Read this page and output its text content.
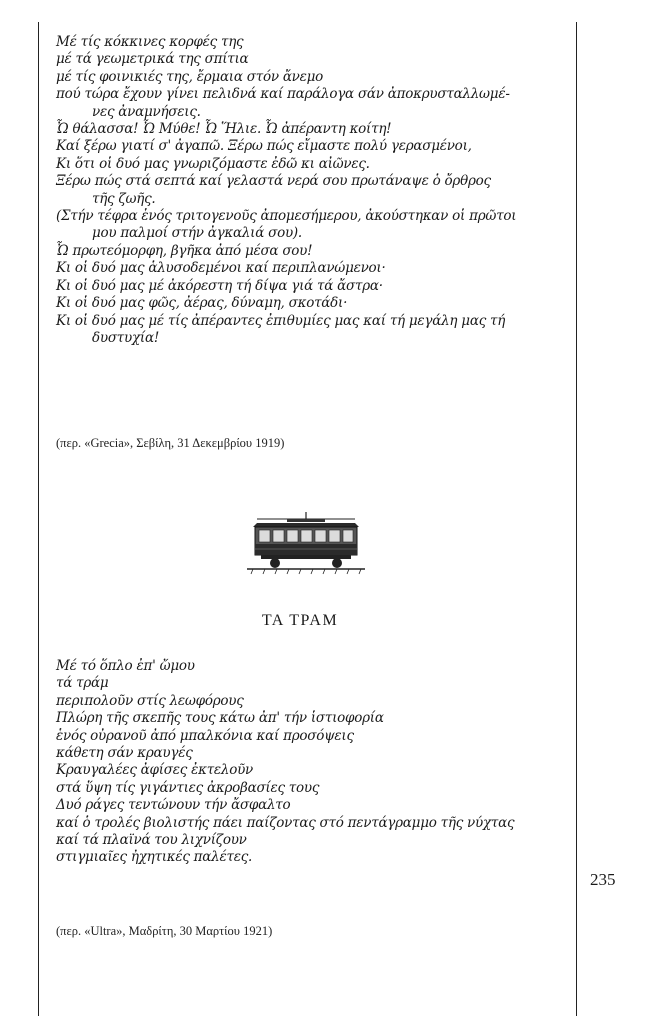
Μέ τίς κόκκινες κορφές της
μέ τά γεωμετρικά της σπίτια
μέ τίς φοινικιές της, ἔρμαια στόν ἄνεμο
πού τώρα ἔχουν γίνει πελιδνά καί παράλογα σάν ἀποκρυσταλλωμέ-
νες ἀναμνήσεις.
Ὦ θάλασσα! Ὦ Μύθε! Ὦ Ἥλιε. Ὦ ἀπέραντη κοίτη!
Καί ξέρω γιατί σ' ἀγαπῶ. Ξέρω πώς εἴμαστε πολύ γερασμένοι,
Κι ὅτι οἱ δυό μας γνωριζόμαστε ἐδῶ κι αἰῶνες.
Ξέρω πώς στά σεπτά καί γελαστά νερά σου πρωτάναψε ὁ ὄρθρος
τῆς ζωῆς.
(Στήν τέφρα ἑνός τριτογενοῦς ἀπομεσήμερου, ἀκούστηκαν οἱ πρῶτοι
μου παλμοί στήν ἀγκαλιά σου).
Ὦ πρωτεόμορφη, βγῆκα ἀπό μέσα σου!
Κι οἱ δυό μας ἁλυσοδεμένοι καί περιπλανώμενοι·
Κι οἱ δυό μας μέ ἀκόρεστη τή δίψα γιά τά ἄστρα·
Κι οἱ δυό μας φῶς, ἀέρας, δύναμη, σκοτάδι·
Κι οἱ δυό μας μέ τίς ἀπέραντες ἐπιθυμίες μας καί τή μεγάλη μας τή
δυστυχία!
(περ. «Grecia», Σεβίλη, 31 Δεκεμβρίου 1919)
ΤΑ ΤΡΑΜ
Μέ τό ὅπλο ἐπ' ὤμου
τά τράμ
περιπολοῦν στίς λεωφόρους
Πλώρη τῆς σκεπῆς τους κάτω ἀπ' τήν ἱστιοφορία
ἑνός οὐρανοῦ ἀπό μπαλκόνια καί προσόψεις
κάθετη σάν κραυγές
Κραυγαλέες ἀφίσες ἐκτελοῦν
στά ὕψη τίς γιγάντιες ἀκροβασίες τους
Δυό ράγες τεντώνουν τήν ἄσφαλτο
καί ὁ τρολές βιολιστής πάει παίζοντας στό πεντάγραμμο τῆς νύχτας
καί τά πλαϊνά του λιχνίζουν
στιγμιαῖες ἠχητικές παλέτες.
(περ. «Ultra», Μαδρίτη, 30 Μαρτίου 1921)
235
